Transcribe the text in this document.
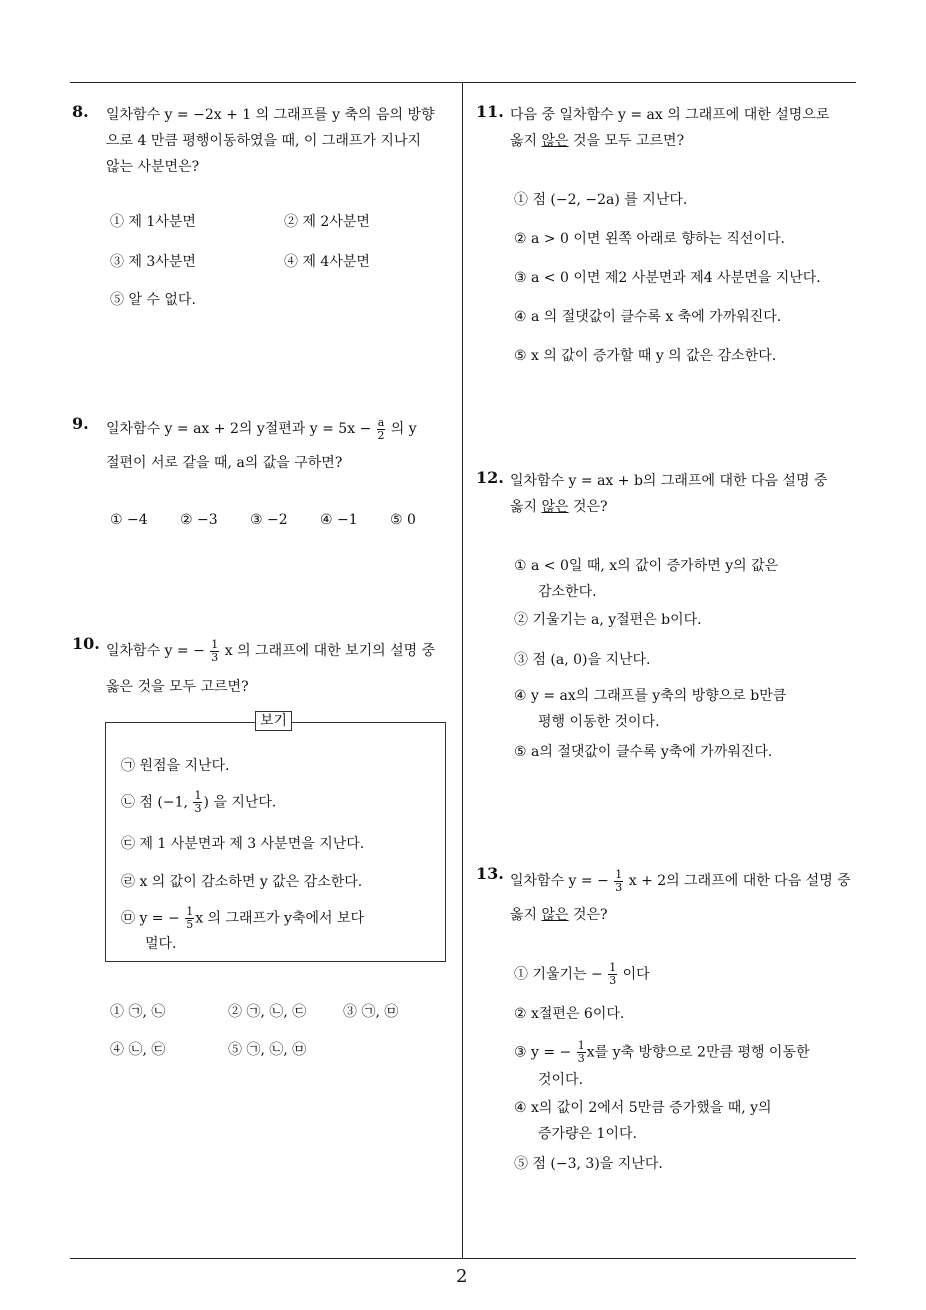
8. 일차함수 y = −2x + 1 의 그래프를 y 축의 음의 방향
으로 4 만큼 평행이동하였을 때, 이 그래프가 지나지
않는 사분면은?
① 제 1사분면	② 제 2사분면
③ 제 3사분면	④ 제 4사분면
⑤ 알 수 없다.
9. 일차함수 y = ax + 2의 y절편과 $y = 5x - \frac{a}{2}$ 의 y
절편이 서로 같을 때, a의 값을 구하면?
① −4 ② −3 ③ −2 ④ −1 ⑤ 0
10. 일차함수 y = − $\frac{1}{3}$ x 의 그래프에 대한 보기의 설명 중
옳은 것을 모두 고르면?
보기
㉠ 원점을 지난다.
㉡ 점 (−1, $\frac{1}{3}$ ) 을 지난다.
㉢ 제 1 사분면과 제 3 사분면을 지난다.
㉣ x 의 값이 감소하면 y 값은 감소한다.
㉤ y = − $\frac{1}{5}$ x 의 그래프가 y축에서 보다
멀다.
① ㉠, ㉡	② ㉠, ㉡, ㉢	③ ㉠, ㉤
④ ㉡, ㉢	⑤ ㉠, ㉡, ㉤
11. 다음 중 일차함수 y = ax 의 그래프에 대한 설명으로
옳지 않은 것을 모두 고르면?
① 점 (−2, −2a) 를 지난다.
② a > 0 이면 왼쪽 아래로 향하는 직선이다.
③ a < 0 이면 제2 사분면과 제4 사분면을 지난다.
④ a 의 절댓값이 클수록 x 축에 가까워진다.
⑤ x 의 값이 증가할 때 y 의 값은 감소한다.
12. 일차함수 y = ax + b의 그래프에 대한 다음 설명 중
옳지 않은 것은?
① a < 0일 때, x의 값이 증가하면 y의 값은
감소한다.
② 기울기는 a, y절편은 b이다.
③ 점 (a, 0)을 지난다.
④ y = ax의 그래프를 y축의 방향으로 b만큼
평행 이동한 것이다.
⑤ a의 절댓값이 클수록 y축에 가까워진다.
13. 일차함수 y = − $\frac{1}{3}$ x + 2의 그래프에 대한 다음 설명 중
옳지 않은 것은?
① 기울기는 − $\frac{1}{3}$ 이다
② x절편은 6이다.
③ y = − $\frac{1}{3}$ x를 y축 방향으로 2만큼 평행 이동한
것이다.
④ x의 값이 2에서 5만큼 증가했을 때, y의
증가량은 1이다.
⑤ 점 (−3, 3)을 지난다.
2
